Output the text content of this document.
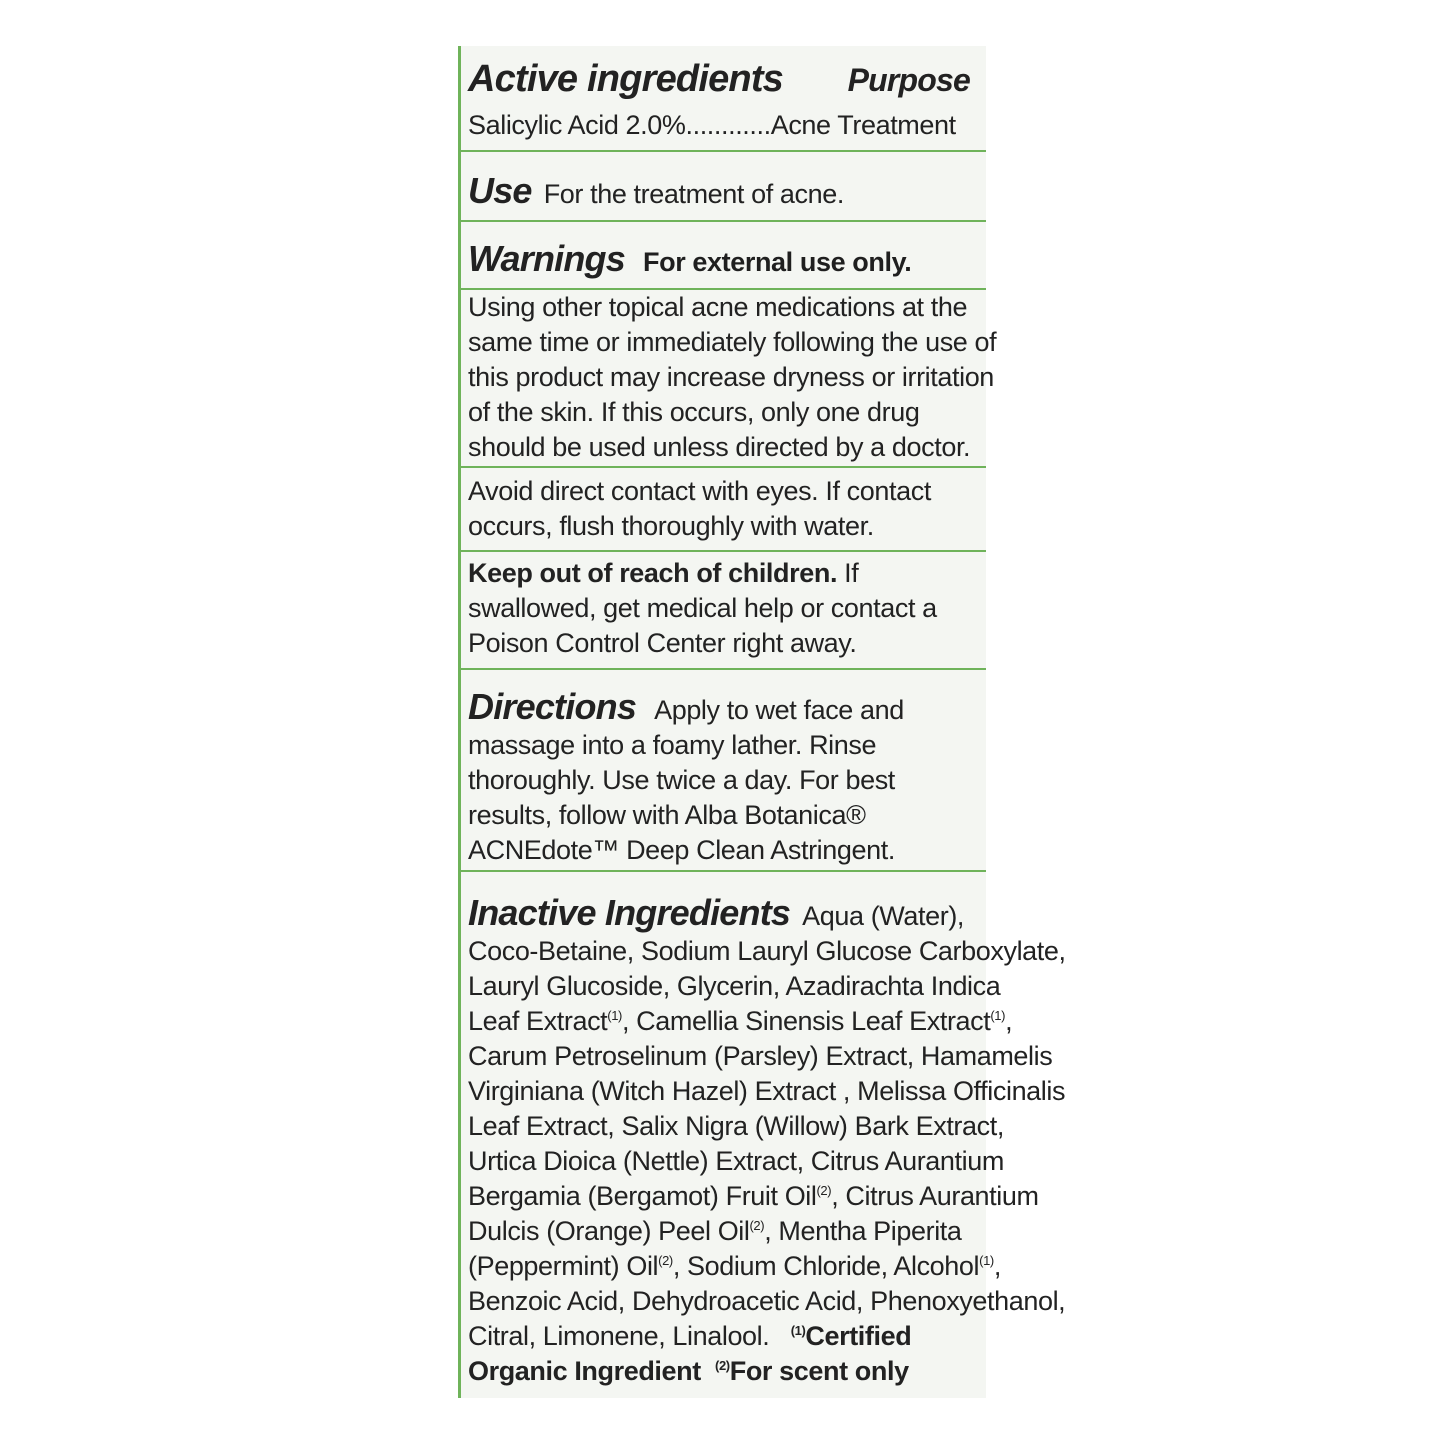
Active ingredients Purpose
Salicylic Acid 2.0%............Acne Treatment
Use For the treatment of acne.
Warnings For external use only.
Using other topical acne medications at the
same time or immediately following the use of
this product may increase dryness or irritation
of the skin. If this occurs, only one drug
should be used unless directed by a doctor.
Avoid direct contact with eyes. If contact
occurs, flush thoroughly with water.
Keep out of reach of children. If
swallowed, get medical help or contact a
Poison Control Center right away.
Directions Apply to wet face and
massage into a foamy lather. Rinse
thoroughly. Use twice a day. For best
results, follow with Alba Botanica®
ACNEdote™ Deep Clean Astringent.
Inactive Ingredients Aqua (Water),
Coco-Betaine, Sodium Lauryl Glucose Carboxylate,
Lauryl Glucoside, Glycerin, Azadirachta Indica
Leaf Extract$^{(1)}$, Camellia Sinensis Leaf Extract$^{(1)}$,
Carum Petroselinum (Parsley) Extract, Hamamelis
Virginiana (Witch Hazel) Extract , Melissa Officinalis
Leaf Extract, Salix Nigra (Willow) Bark Extract,
Urtica Dioica (Nettle) Extract, Citrus Aurantium
Bergamia (Bergamot) Fruit Oil$^{(2)}$, Citrus Aurantium
Dulcis (Orange) Peel Oil$^{(2)}$, Mentha Piperita
(Peppermint) Oil$^{(2)}$, Sodium Chloride, Alcohol$^{(1)}$,
Benzoic Acid, Dehydroacetic Acid, Phenoxyethanol,
Citral, Limonene, Linalool. $^{(1)}$Certified
Organic Ingredient $^{(2)}$For scent only
